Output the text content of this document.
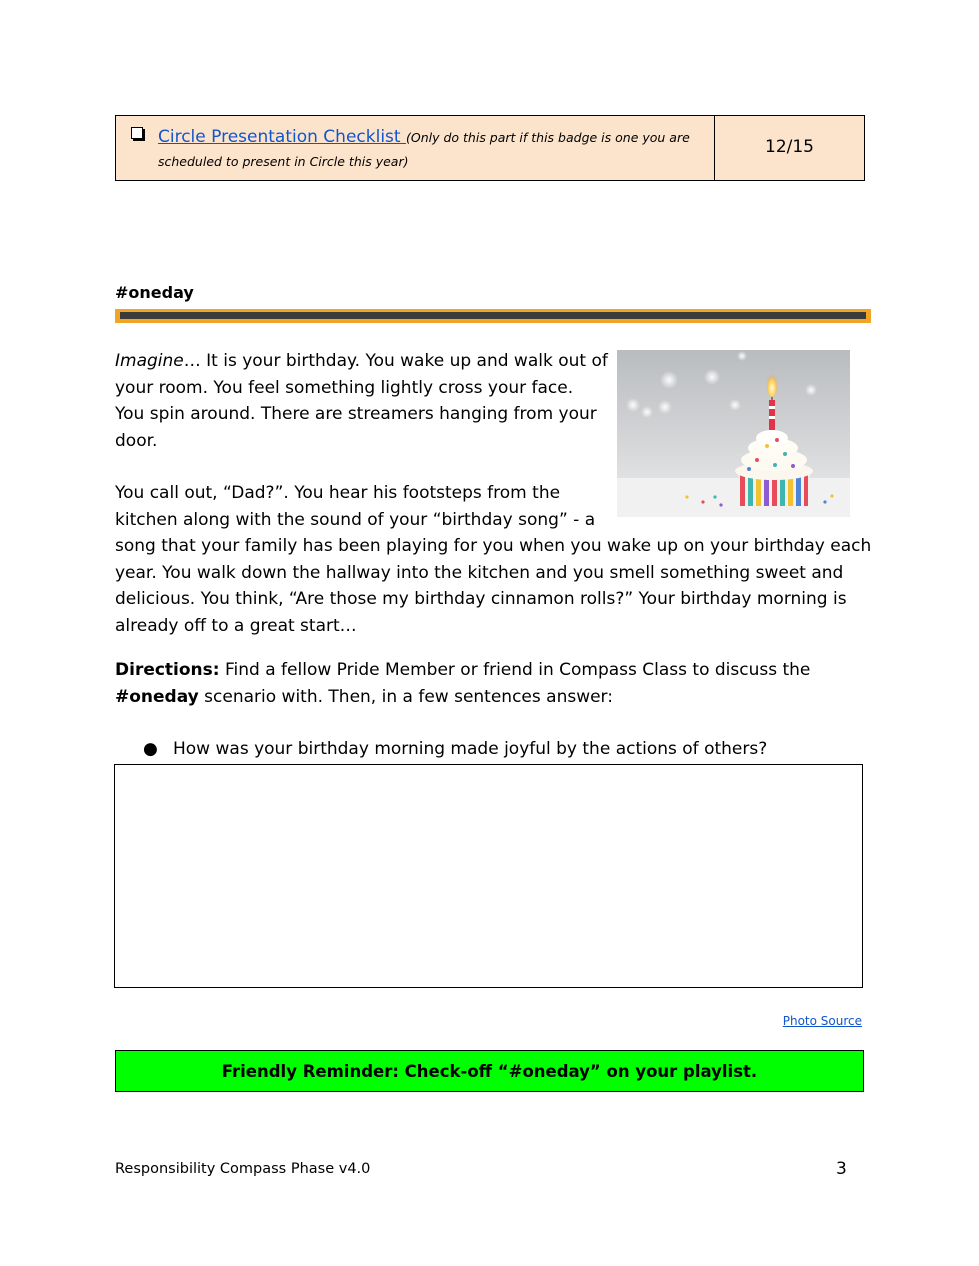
Circle Presentation Checklist (Only do this part if this badge is one you are scheduled to present in Circle this year)
12/15
#oneday
Imagine… It is your birthday. You wake up and walk out of
your room. You feel something lightly cross your face.
You spin around. There are streamers hanging from your
door.
You call out, “Dad?”. You hear his footsteps from the
kitchen along with the sound of your “birthday song” - a
song that your family has been playing for you when you wake up on your birthday each
year. You walk down the hallway into the kitchen and you smell something sweet and
delicious. You think, “Are those my birthday cinnamon rolls?” Your birthday morning is
already off to a great start…
Directions: Find a fellow Pride Member or friend in Compass Class to discuss the
#oneday scenario with. Then, in a few sentences answer:
● How was your birthday morning made joyful by the actions of others?
Photo Source
Friendly Reminder: Check-off “#oneday” on your playlist.
Responsibility Compass Phase v4.0	3
